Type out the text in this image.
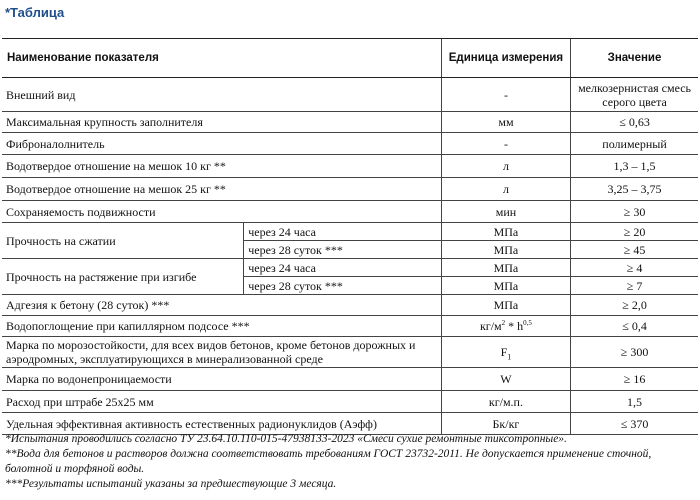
*Таблица
Наименование показателя		Единица измерения	Значение
Внешний вид		-	мелкозернистая смесь серого цвета
Максимальная крупность заполнителя		мм	≤ 0,63
Фиброналолнитель		-	полимерный
Водотвердое отношение на мешок 10 кг **		л	1,3 – 1,5
Водотвердое отношение на мешок 25 кг **		л	3,25 – 3,75
Сохраняемость подвижности		мин	≥ 30
Прочность на сжатии	через 24 часа	МПа	≥ 20
	через 28 суток ***	МПа	≥ 45
Прочность на растяжение при изгибе	через 24 часа	МПа	≥ 4
	через 28 суток ***	МПа	≥ 7
Адгезия к бетону (28 суток) ***		МПа	≥ 2,0
Водопоглощение при капиллярном подсосе ***		$кг/м^2 * h^{0,5}$	≤ 0,4
Марка по морозостойкости, для всех видов бетонов, кроме бетонов дорожных и аэродромных, эксплуатирующихся в минерализованной среде		$F_1$	≥ 300
Марка по водонепроницаемости		W	≥ 16
Расход при штрабе 25x25 мм		кг/м.п.	1,5
Удельная эффективная активность естественных радионуклидов (Аэфф)		Бк/кг	≤ 370
*Испытания проводились согласно ТУ 23.64.10.110-015-47938133-2023 «Смеси сухие ремонтные тиксотропные».
**Вода для бетонов и растворов должна соответствовать требованиям ГОСТ 23732-2011. Не допускается применение сточной, болотной и торфяной воды.
***Результаты испытаний указаны за предшествующие 3 месяца.
